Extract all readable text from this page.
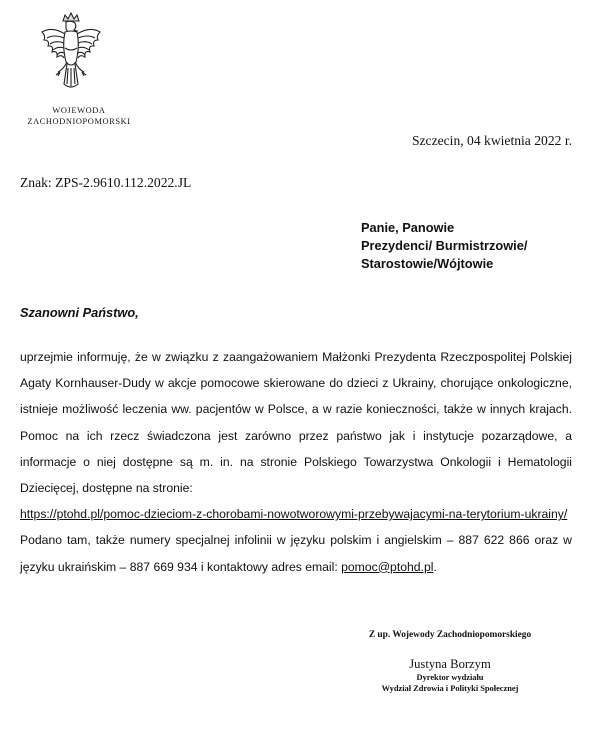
WOJEWODA
ZACHODNIOPOMORSKI
Szczecin, 04 kwietnia 2022 r.
Znak: ZPS-2.9610.112.2022.JL
Panie, Panowie
Prezydenci/ Burmistrzowie/
Starostowie/Wójtowie
Szanowni Państwo,

uprzejmie informuję, że w związku z zaangażowaniem Małżonki Prezydenta Rzeczpospolitej Polskiej Agaty Kornhauser-Dudy w akcje pomocowe skierowane do dzieci z Ukrainy, chorujące onkologiczne, istnieje możliwość leczenia ww. pacjentów w Polsce, a w razie konieczności, także w innych krajach. Pomoc na ich rzecz świadczona jest zarówno przez państwo jak i instytucje pozarządowe, a informacje o niej dostępne są m. in. na stronie Polskiego Towarzystwa Onkologii i Hematologii Dziecięcej, dostępne na stronie:

https://ptohd.pl/pomoc-dzieciom-z-chorobami-nowotworowymi-przebywajacymi-na-terytorium-ukrainy/

Podano tam, także numery specjalnej infolinii w języku polskim i angielskim – 887 622 866 oraz w języku ukraińskim – 887 669 934 i kontaktowy adres email: pomoc@ptohd.pl.

Z up. Wojewody Zachodniopomorskiego
Justyna Borzym
Dyrektor wydziału
Wydział Zdrowia i Polityki Społecznej
